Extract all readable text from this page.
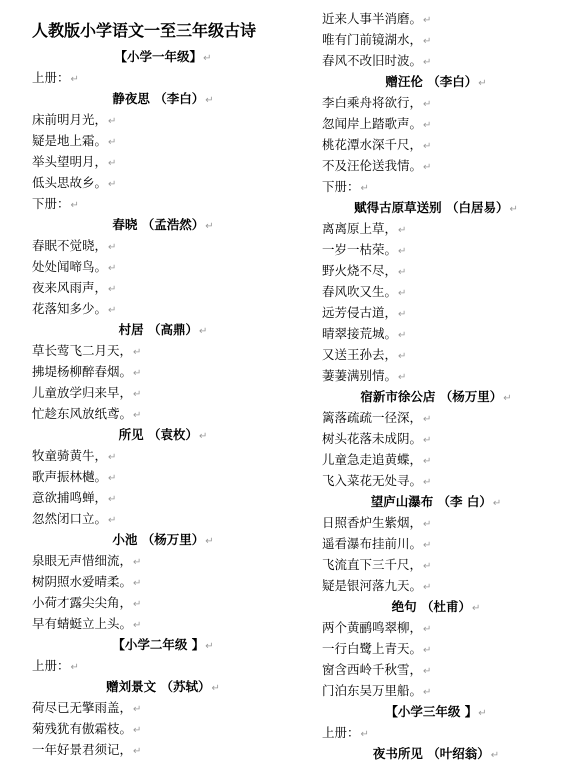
人教版小学语文一至三年级古诗
【小学一年级】↵
上册：↵
静夜思 （李白）↵
床前明月光，↵
疑是地上霜。↵
举头望明月，↵
低头思故乡。↵
下册：↵
春晓 （孟浩然）↵
春眠不觉晓，↵
处处闻啼鸟。↵
夜来风雨声，↵
花落知多少。↵
村居 （高鼎）↵
草长莺飞二月天，↵
拂堤杨柳醉春烟。↵
儿童放学归来早，↵
忙趁东风放纸鸢。↵
所见 （袁枚）↵
牧童骑黄牛，↵
歌声振林樾。↵
意欲捕鸣蝉，↵
忽然闭口立。↵
小池 （杨万里）↵
泉眼无声惜细流，↵
树阴照水爱晴柔。↵
小荷才露尖尖角，↵
早有蜻蜓立上头。↵
【小学二年级 】↵
上册：↵
赠刘景文 （苏轼）↵
荷尽已无擎雨盖，↵
菊残犹有傲霜枝。↵
一年好景君须记，↵
近来人事半消磨。↵
唯有门前镜湖水，↵
春风不改旧时波。↵
赠汪伦 （李白）↵
李白乘舟将欲行，↵
忽闻岸上踏歌声。↵
桃花潭水深千尺，↵
不及汪伦送我情。↵
下册：↵
赋得古原草送别 （白居易）↵
离离原上草，↵
一岁一枯荣。↵
野火烧不尽，↵
春风吹又生。↵
远芳侵古道，↵
晴翠接荒城。↵
又送王孙去，↵
萋萋满别情。↵
宿新市徐公店 （杨万里）↵
篱落疏疏一径深，↵
树头花落未成阴。↵
儿童急走追黄蝶，↵
飞入菜花无处寻。↵
望庐山瀑布 （李 白）↵
日照香炉生紫烟，↵
遥看瀑布挂前川。↵
飞流直下三千尺，↵
疑是银河落九天。↵
绝句 （杜甫）↵
两个黄鹂鸣翠柳，↵
一行白鹭上青天。↵
窗含西岭千秋雪，↵
门泊东吴万里船。↵
【小学三年级 】↵
上册：↵
夜书所见 （叶绍翁）↵
